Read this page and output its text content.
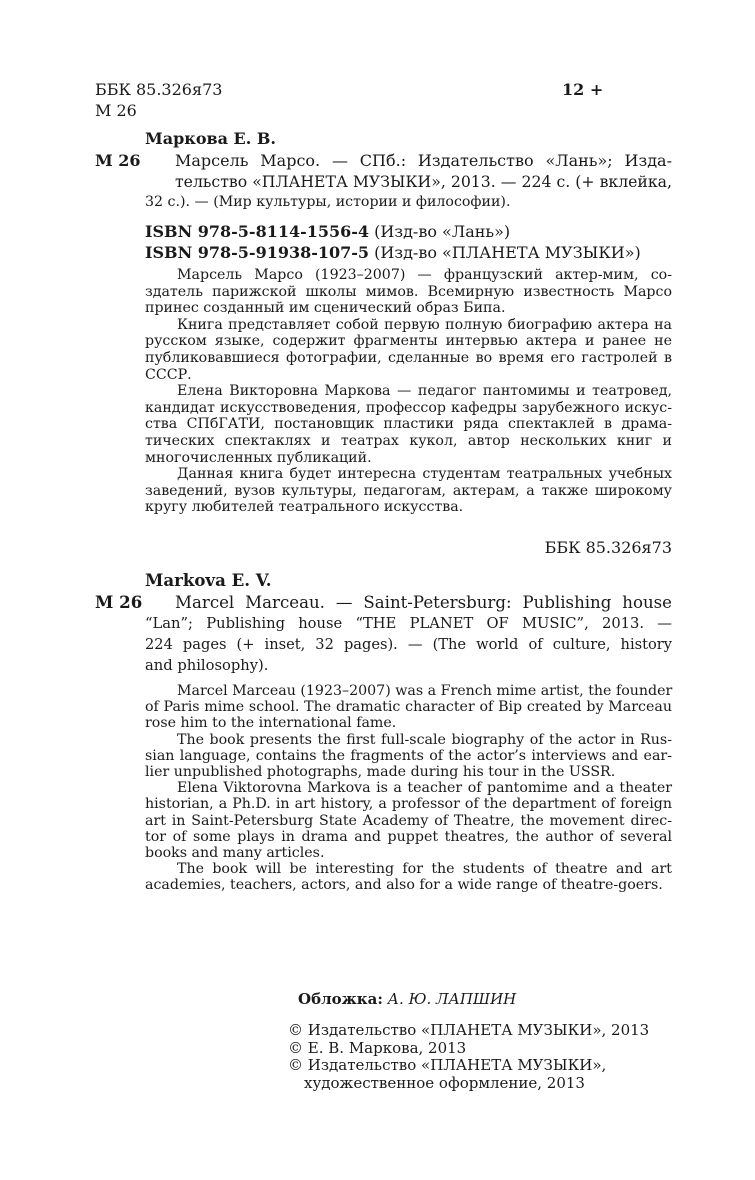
ББК 85.326я73
М 26
12 +
Маркова Е. В.
М 26 Марсель Марсо. — СПб.: Издательство «Лань»; Изда-
тельство «ПЛАНЕТА МУЗЫКИ», 2013. — 224 с. (+ вклейка,
32 с.). — (Мир культуры, истории и философии).
ISBN 978-5-8114-1556-4 (Изд-во «Лань»)
ISBN 978-5-91938-107-5 (Изд-во «ПЛАНЕТА МУЗЫКИ»)
Марсель Марсо (1923–2007) — французский актер-мим, со-
здатель парижской школы мимов. Всемирную известность Марсо
принес созданный им сценический образ Бипа.
Книга представляет собой первую полную биографию актера на
русском языке, содержит фрагменты интервью актера и ранее не
публиковавшиеся фотографии, сделанные во время его гастролей в
СССР.
Елена Викторовна Маркова — педагог пантомимы и театровед,
кандидат искусствоведения, профессор кафедры зарубежного искус-
ства СПбГАТИ, постановщик пластики ряда спектаклей в драма-
тических спектаклях и театрах кукол, автор нескольких книг и
многочисленных публикаций.
Данная книга будет интересна студентам театральных учебных
заведений, вузов культуры, педагогам, актерам, а также широкому
кругу любителей театрального искусства.
ББК 85.326я73
Markova E. V.
M 26 Marcel Marceau. — Saint-Petersburg: Publishing house
“Lan”; Publishing house “THE PLANET OF MUSIC”, 2013. —
224 pages (+ inset, 32 pages). — (The world of culture, history
and philosophy).
Marcel Marceau (1923–2007) was a French mime artist, the founder
of Paris mime school. The dramatic character of Bip created by Marceau
rose him to the international fame.
The book presents the first full-scale biography of the actor in Rus-
sian language, contains the fragments of the actor’s interviews and ear-
lier unpublished photographs, made during his tour in the USSR.
Elena Viktorovna Markova is a teacher of pantomime and a theater
historian, a Ph.D. in art history, a professor of the department of foreign
art in Saint-Petersburg State Academy of Theatre, the movement direc-
tor of some plays in drama and puppet theatres, the author of several
books and many articles.
The book will be interesting for the students of theatre and art
academies, teachers, actors, and also for a wide range of theatre-goers.
Обложка: А. Ю. ЛАПШИН
© Издательство «ПЛАНЕТА МУЗЫКИ», 2013
© Е. В. Маркова, 2013
© Издательство «ПЛАНЕТА МУЗЫКИ»,
художественное оформление, 2013
